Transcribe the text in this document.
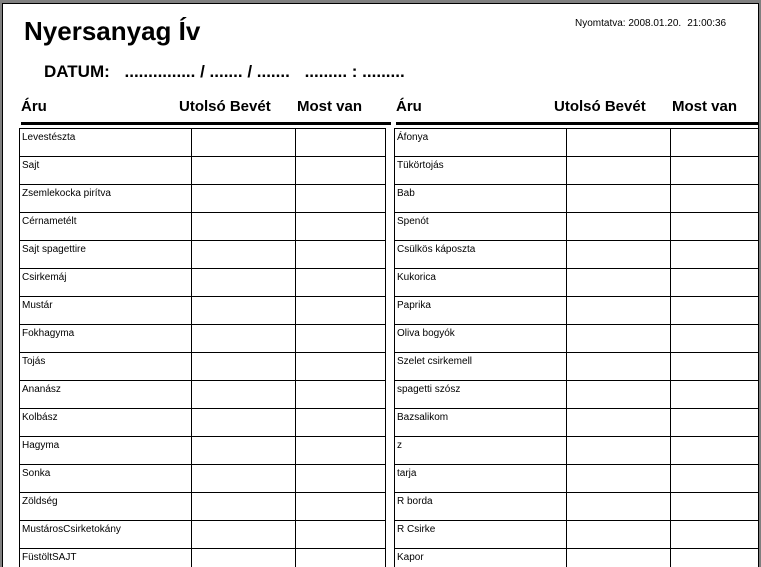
Nyersanyag Ív	Nyomtatva: 2008.01.20. 21:00:36
DATUM: ............... / ....... / ....... ......... : .........
Áru	Utolsó Bevét Most van
Levestészta		
Sajt		
Zsemlekocka pirítva		
Cérnametélt		
Sajt spagettire		
Csirkemáj		
Mustár		
Fokhagyma		
Tojás		
Ananász		
Kolbász		
Hagyma		
Sonka		
Zöldség		
MustárosCsirketokány		
FüstöltSAJT		
Áru	Utolsó Bevét Most van
Áfonya		
Tükörtojás		
Bab		
Spenót		
Csülkös káposzta		
Kukorica		
Paprika		
Oliva bogyók		
Szelet csirkemell		
spagetti szósz		
Bazsalikom		
z		
tarja		
R borda		
R Csirke		
Kapor		
